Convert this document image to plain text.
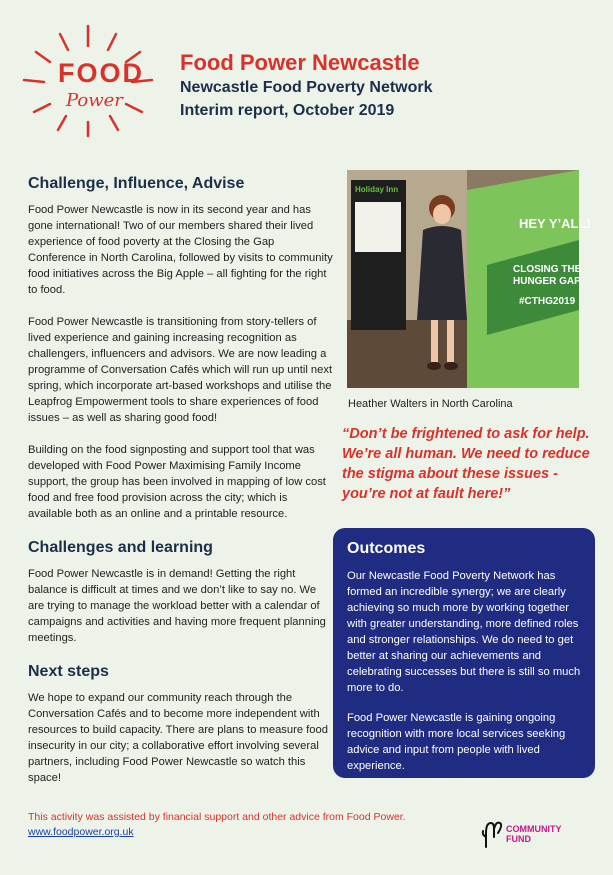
FOOD
Power
Food Power Newcastle
Newcastle Food Poverty Network
Interim report, October 2019
Challenge, Influence, Advise

Food Power Newcastle is now in its second year and has gone international! Two of our members shared their lived experience of food poverty at the Closing the Gap Conference in North Carolina, followed by visits to community food initiatives across the Big Apple – all fighting for the right to food.

Food Power Newcastle is transitioning from story-tellers of lived experience and gaining increasing recognition as challengers, influencers and advisors. We are now leading a programme of Conversation Cafés which will run up until next spring, which incorporate art-based workshops and utilise the Leapfrog Empowerment tools to share experiences of food issues – as well as sharing good food!

Building on the food signposting and support tool that was developed with Food Power Maximising Family Income support, the group has been involved in mapping of low cost food and free food provision across the city; which is available both as an online and a printable resource.

Challenges and learning

Food Power Newcastle is in demand! Getting the right balance is difficult at times and we don’t like to say no. We are trying to manage the workload better with a calendar of campaigns and activities and having more frequent planning meetings.

Next steps

We hope to expand our community reach through the Conversation Cafés and to become more independent with resources to build capacity. There are plans to measure food insecurity in our city; a collaborative effort involving several partners, including Food Power Newcastle so watch this space!

Holiday Inn
HEY Y’ALL!
CLOSING THE
HUNGER GAP
#CTHG2019
Heather Walters in North Carolina
“Don’t be frightened to ask for help. We’re all human. We need to reduce the stigma about these issues - you’re not at fault here!”
Outcomes

Our Newcastle Food Poverty Network has formed an incredible synergy; we are clearly achieving so much more by working together with greater understanding, more defined roles and stronger relationships. We do need to get better at sharing our achievements and celebrating successes but there is still so much more to do.

Food Power Newcastle is gaining ongoing recognition with more local services seeking advice and input from people with lived experience.

This activity was assisted by financial support and other advice from Food Power.
www.foodpower.org.uk	COMMUNITY
FUND
